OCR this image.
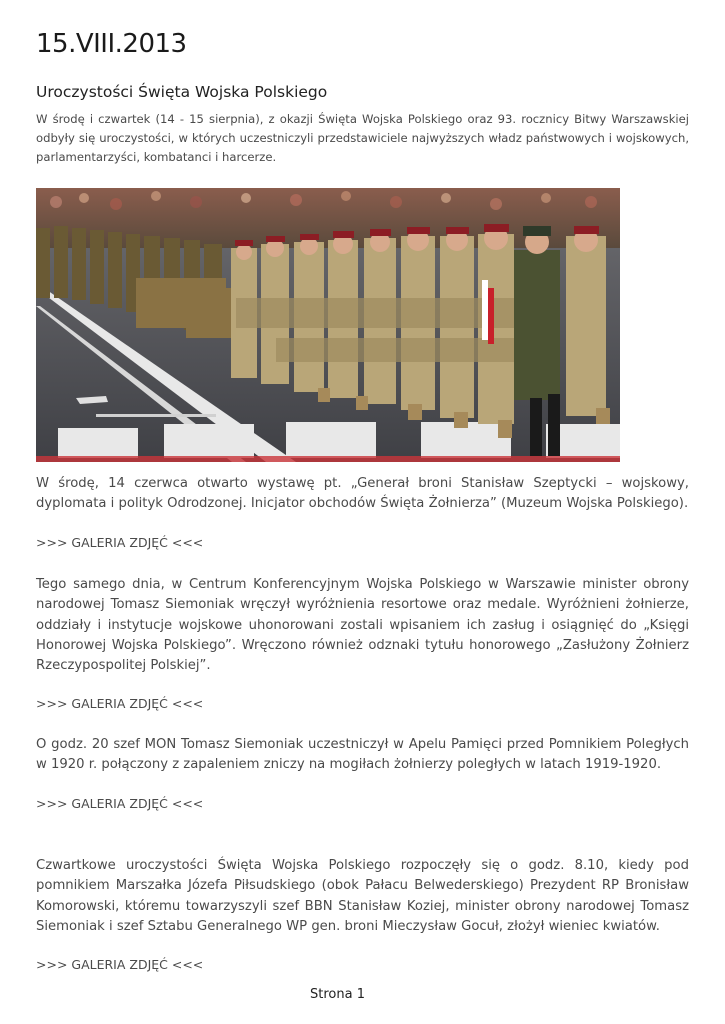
15.VIII.2013
Uroczystości Święta Wojska Polskiego

W środę i czwartek (14 - 15 sierpnia), z okazji Święta Wojska Polskiego oraz 93. rocznicy Bitwy Warszawskiej odbyły się uroczystości, w których uczestniczyli przedstawiciele najwyższych władz państwowych i wojskowych, parlamentarzyści, kombatanci i harcerze.

W środę, 14 czerwca otwarto wystawę pt. „Generał broni Stanisław Szeptycki – wojskowy, dyplomata i polityk Odrodzonej. Inicjator obchodów Święta Żołnierza” (Muzeum Wojska Polskiego).

>>> GALERIA ZDJĘĆ <<<

Tego samego dnia, w Centrum Konferencyjnym Wojska Polskiego w Warszawie minister obrony narodowej Tomasz Siemoniak wręczył wyróżnienia resortowe oraz medale. Wyróżnieni żołnierze, oddziały i instytucje wojskowe uhonorowani zostali wpisaniem ich zasług i osiągnięć do „Księgi Honorowej Wojska Polskiego”. Wręczono również odznaki tytułu honorowego „Zasłużony Żołnierz Rzeczypospolitej Polskiej”.

>>> GALERIA ZDJĘĆ <<<

O godz. 20 szef MON Tomasz Siemoniak uczestniczył w Apelu Pamięci przed Pomnikiem Poległych w 1920 r. połączony z zapaleniem zniczy na mogiłach żołnierzy poległych w latach 1919-1920.

>>> GALERIA ZDJĘĆ <<<

Czwartkowe uroczystości Święta Wojska Polskiego rozpoczęły się o godz. 8.10, kiedy pod pomnikiem Marszałka Józefa Piłsudskiego (obok Pałacu Belwederskiego) Prezydent RP Bronisław Komorowski, któremu towarzyszyli szef BBN Stanisław Koziej, minister obrony narodowej Tomasz Siemoniak i szef Sztabu Generalnego WP gen. broni Mieczysław Gocuł, złożył wieniec kwiatów.

>>> GALERIA ZDJĘĆ <<<

Strona 1
